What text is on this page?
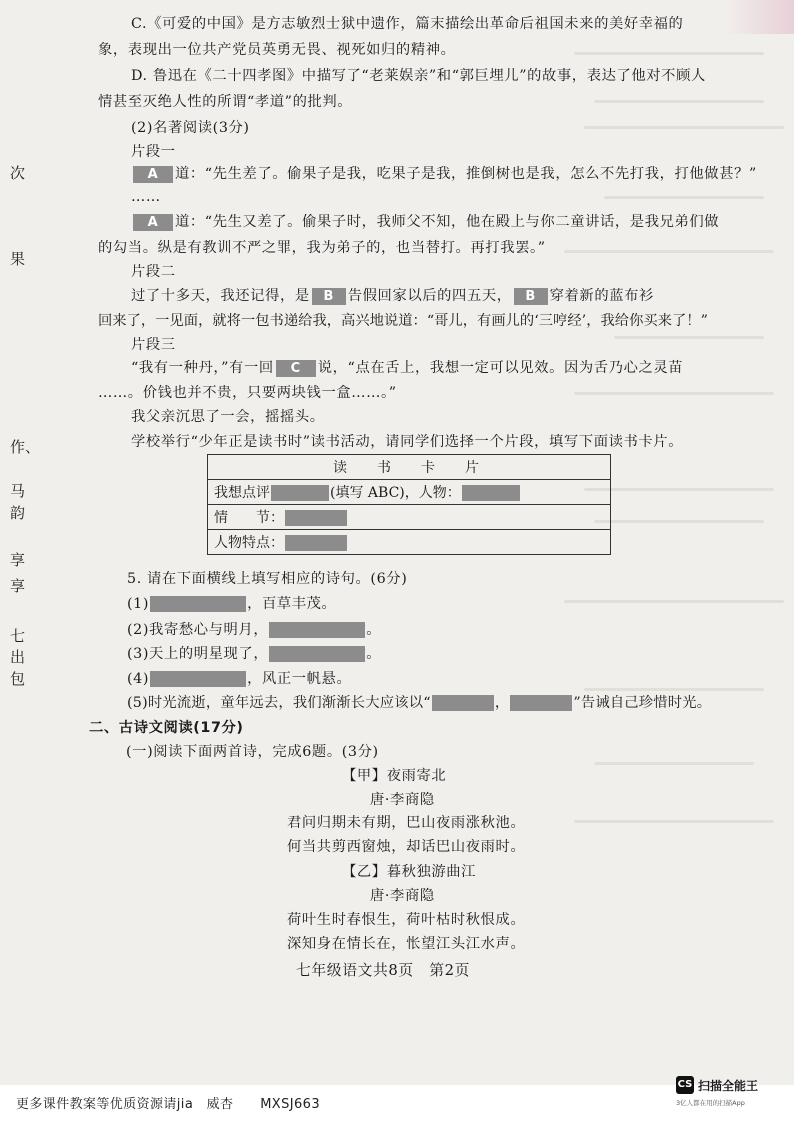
次
果
作、
马
韵
享
享
七
出
包
C.《可爱的中国》是方志敏烈士狱中遗作，篇末描绘出革命后祖国未来的美好幸福的
象，表现出一位共产党员英勇无畏、视死如归的精神。
D. 鲁迅在《二十四孝图》中描写了“老莱娱亲”和“郭巨埋儿”的故事，表达了他对不顾人
情甚至灭绝人性的所谓“孝道”的批判。
(2)名著阅读(3分)
片段一
A 道：“先生差了。偷果子是我，吃果子是我，推倒树也是我，怎么不先打我，打他做甚？”
……
A 道：“先生又差了。偷果子时，我师父不知，他在殿上与你二童讲话，是我兄弟们做
的勾当。纵是有教训不严之罪，我为弟子的，也当替打。再打我罢。”
片段二
过了十多天，我还记得，是 B 告假回家以后的四五天， B 穿着新的蓝布衫
回来了，一见面，就将一包书递给我，高兴地说道：“哥儿，有画儿的‘三哼经’，我给你买来了！”
片段三
“我有一种丹，”有一回 C 说，“点在舌上，我想一定可以见效。因为舌乃心之灵苗
……。价钱也并不贵，只要两块钱一盒……。”
我父亲沉思了一会，摇摇头。
学校举行“少年正是读书时”读书活动，请同学们选择一个片段，填写下面读书卡片。
读书卡片
我想点评	(填写 ABC)，人物：
情　　节：
人物特点：
5. 请在下面横线上填写相应的诗句。(6分)
(1)	，百草丰茂。
(2)我寄愁心与明月，	。
(3)天上的明星现了，	。
(4)	，风正一帆悬。
(5)时光流逝，童年远去，我们渐渐长大应该以“	，	”告诫自己珍惜时光。
二、古诗文阅读(17分)
(一)阅读下面两首诗，完成6题。(3分)
【甲】夜雨寄北
唐·李商隐
君问归期未有期，巴山夜雨涨秋池。
何当共剪西窗烛，却话巴山夜雨时。
【乙】暮秋独游曲江
唐·李商隐
荷叶生时春恨生，荷叶枯时秋恨成。
深知身在情长在，怅望江头江水声。
七年级语文共8页　第2页
更多课件教案等优质资源请jia　威杏　　MXSJ663
CS 扫描全能王
3亿人都在用的扫描App
